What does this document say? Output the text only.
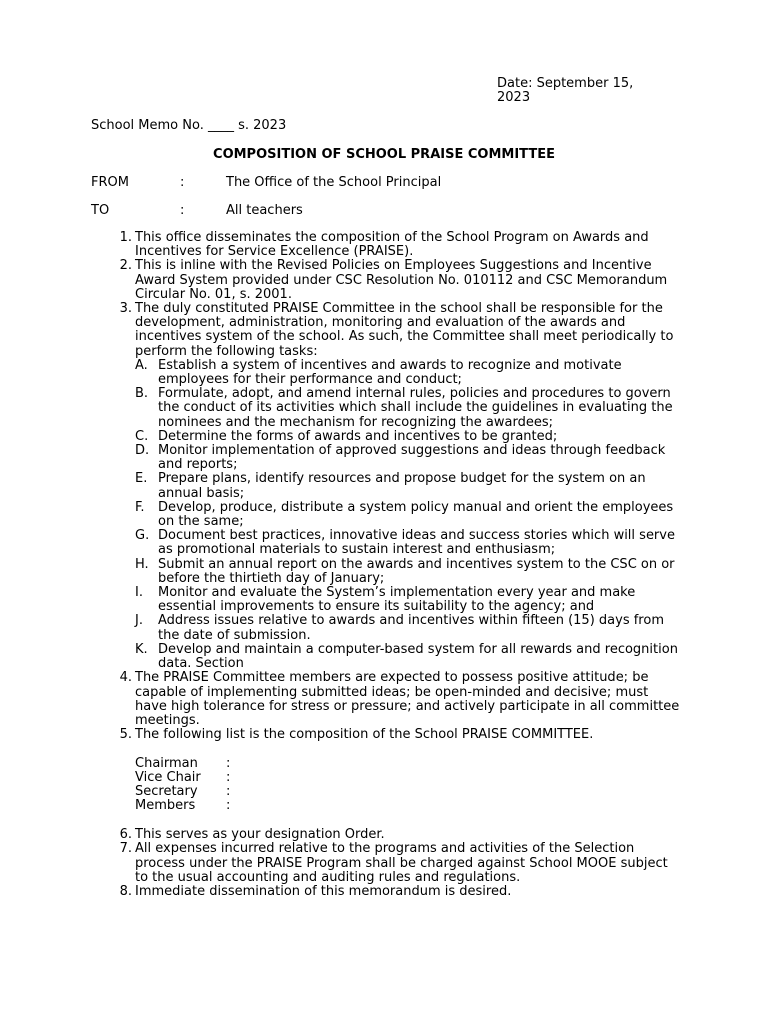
Date: September 15, 2023
School Memo No. ____ s. 2023
COMPOSITION OF SCHOOL PRAISE COMMITTEE
FROM	:	The Office of the School Principal
TO	:	All teachers
1. This office disseminates the composition of the School Program on Awards and Incentives for Service Excellence (PRAISE).
2. This is inline with the Revised Policies on Employees Suggestions and Incentive Award System provided under CSC Resolution No. 010112 and CSC Memorandum Circular No. 01, s. 2001.
3. The duly constituted PRAISE Committee in the school shall be responsible for the development, administration, monitoring and evaluation of the awards and incentives system of the school. As such, the Committee shall meet periodically to perform the following tasks:
A. Establish a system of incentives and awards to recognize and motivate employees for their performance and conduct;
B. Formulate, adopt, and amend internal rules, policies and procedures to govern the conduct of its activities which shall include the guidelines in evaluating the nominees and the mechanism for recognizing the awardees;
C. Determine the forms of awards and incentives to be granted;
D. Monitor implementation of approved suggestions and ideas through feedback and reports;
E. Prepare plans, identify resources and propose budget for the system on an annual basis;
F. Develop, produce, distribute a system policy manual and orient the employees on the same;
G. Document best practices, innovative ideas and success stories which will serve as promotional materials to sustain interest and enthusiasm;
H. Submit an annual report on the awards and incentives system to the CSC on or before the thirtieth day of January;
I. Monitor and evaluate the System’s implementation every year and make essential improvements to ensure its suitability to the agency; and
J. Address issues relative to awards and incentives within fifteen (15) days from the date of submission.
K. Develop and maintain a computer-based system for all rewards and recognition data. Section
4. The PRAISE Committee members are expected to possess positive attitude; be capable of implementing submitted ideas; be open-minded and decisive; must have high tolerance for stress or pressure; and actively participate in all committee meetings.
5. The following list is the composition of the School PRAISE COMMITTEE.
Chairman :
Vice Chair :
Secretary :
Members :
6. This serves as your designation Order.
7. All expenses incurred relative to the programs and activities of the Selection process under the PRAISE Program shall be charged against School MOOE subject to the usual accounting and auditing rules and regulations.
8. Immediate dissemination of this memorandum is desired.
